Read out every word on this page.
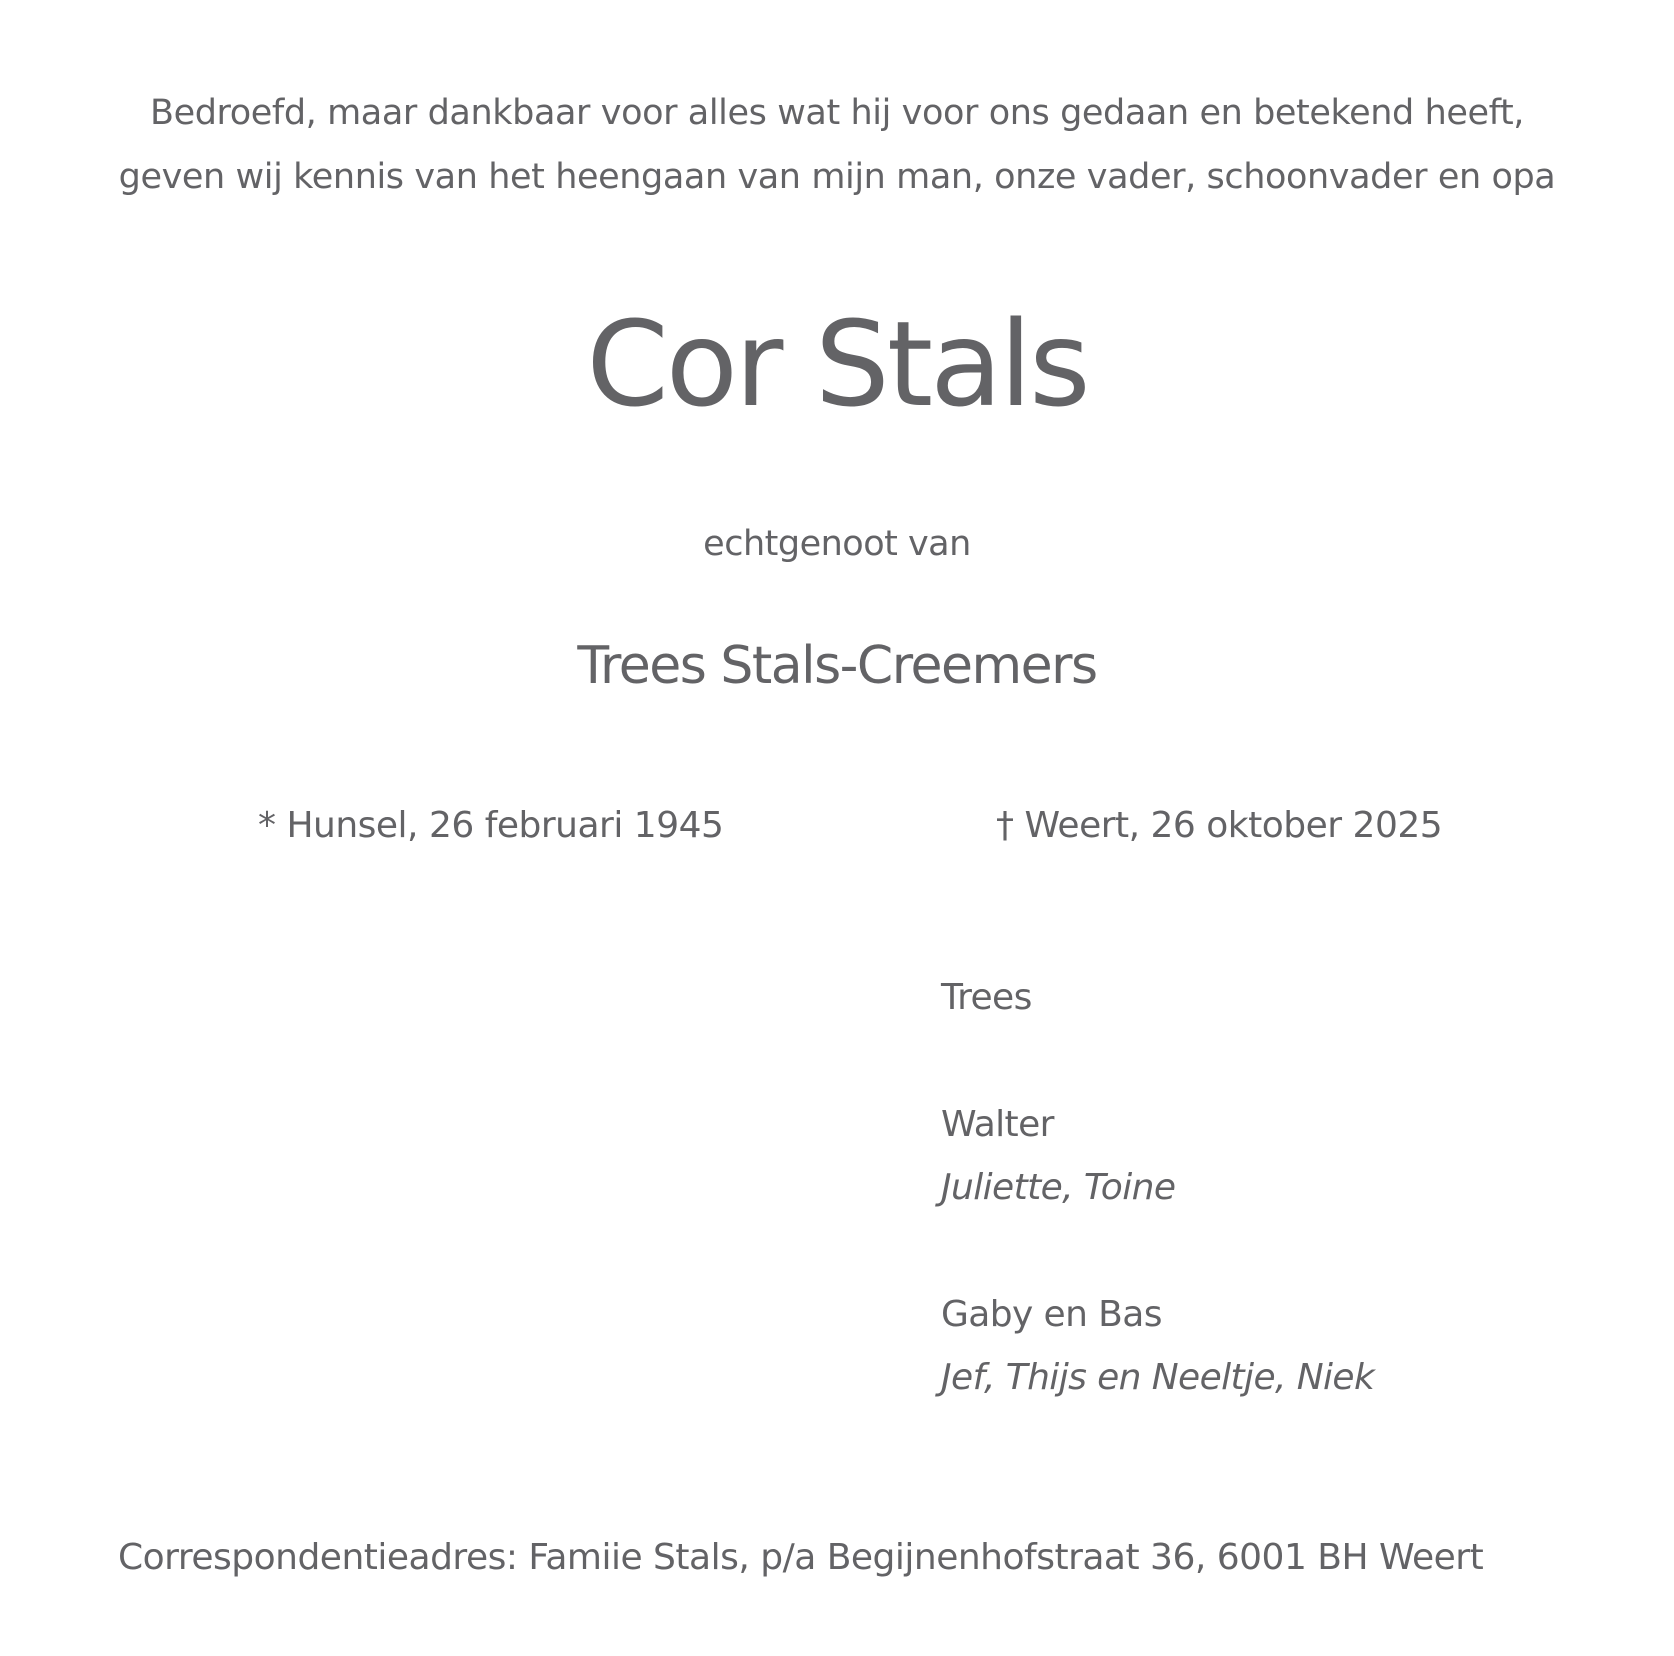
Bedroefd, maar dankbaar voor alles wat hij voor ons gedaan en betekend heeft,
geven wij kennis van het heengaan van mijn man, onze vader, schoonvader en opa
Cor Stals
echtgenoot van
Trees Stals-Creemers
* Hunsel, 26 februari 1945	† Weert, 26 oktober 2025
Trees
Walter
Juliette, Toine
Gaby en Bas
Jef, Thijs en Neeltje, Niek
Correspondentieadres: Famiie Stals, p/a Begijnenhofstraat 36, 6001 BH Weert
